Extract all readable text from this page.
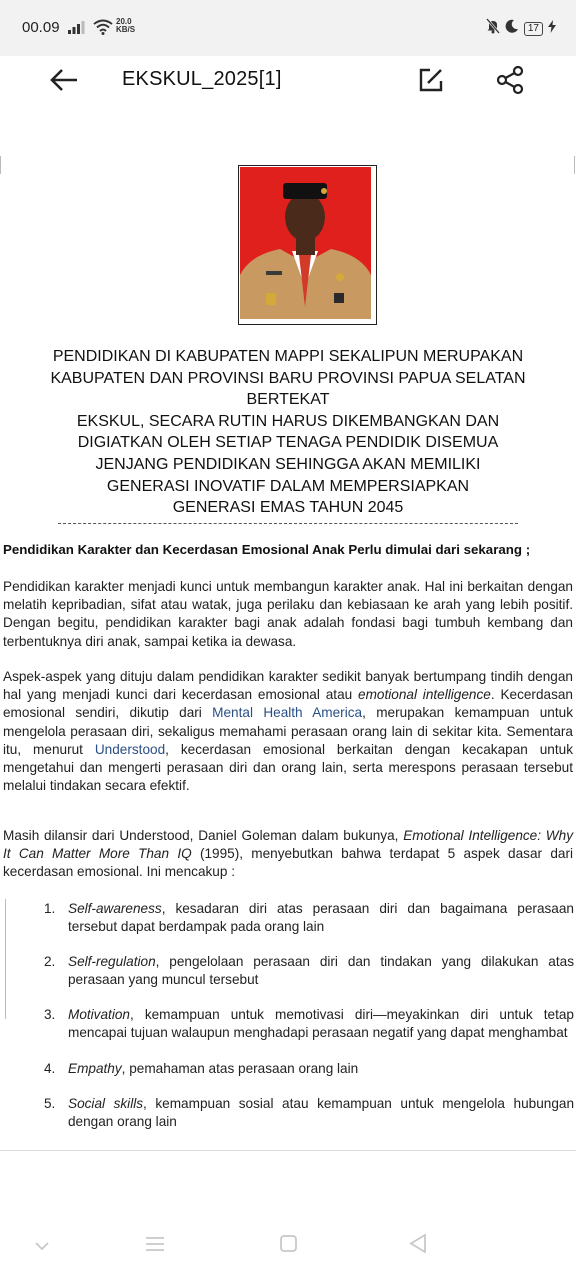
00.09	20.0
KB/S	17
EKSKUL_2025[1]
PENDIDIKAN DI KABUPATEN MAPPI SEKALIPUN MERUPAKAN
KABUPATEN DAN PROVINSI BARU PROVINSI PAPUA SELATAN
BERTEKAT
EKSKUL, SECARA RUTIN HARUS DIKEMBANGKAN DAN
DIGIATKAN OLEH SETIAP TENAGA PENDIDIK DISEMUA
JENJANG PENDIDIKAN SEHINGGA AKAN MEMILIKI
GENERASI INOVATIF DALAM MEMPERSIAPKAN
GENERASI EMAS TAHUN 2045
Pendidikan Karakter dan Kecerdasan Emosional Anak Perlu dimulai dari sekarang ;
Pendidikan karakter menjadi kunci untuk membangun karakter anak. Hal ini berkaitan dengan melatih kepribadian, sifat atau watak, juga perilaku dan kebiasaan ke arah yang lebih positif. Dengan begitu, pendidikan karakter bagi anak adalah fondasi bagi tumbuh kembang dan terbentuknya diri anak, sampai ketika ia dewasa.
Aspek-aspek yang dituju dalam pendidikan karakter sedikit banyak bertumpang tindih dengan hal yang menjadi kunci dari kecerdasan emosional atau emotional intelligence. Kecerdasan emosional sendiri, dikutip dari Mental Health America, merupakan kemampuan untuk mengelola perasaan diri, sekaligus memahami perasaan orang lain di sekitar kita. Sementara itu, menurut Understood, kecerdasan emosional berkaitan dengan kecakapan untuk mengetahui dan mengerti perasaan diri dan orang lain, serta merespons perasaan tersebut melalui tindakan secara efektif.
Masih dilansir dari Understood, Daniel Goleman dalam bukunya, Emotional Intelligence: Why It Can Matter More Than IQ (1995), menyebutkan bahwa terdapat 5 aspek dasar dari kecerdasan emosional. Ini mencakup :
1. Self-awareness, kesadaran diri atas perasaan diri dan bagaimana perasaan tersebut dapat berdampak pada orang lain
2. Self-regulation, pengelolaan perasaan diri dan tindakan yang dilakukan atas perasaan yang muncul tersebut
3. Motivation, kemampuan untuk memotivasi diri—meyakinkan diri untuk tetap mencapai tujuan walaupun menghadapi perasaan negatif yang dapat menghambat
4. Empathy, pemahaman atas perasaan orang lain
5. Social skills, kemampuan sosial atau kemampuan untuk mengelola hubungan dengan orang lain
